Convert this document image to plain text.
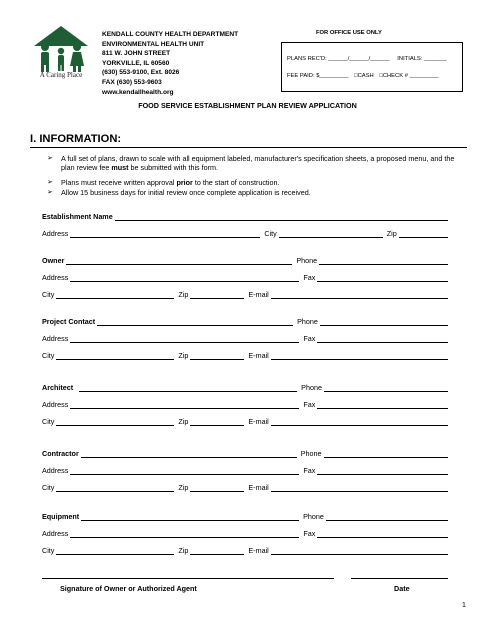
A Caring Place
KENDALL COUNTY HEALTH DEPARTMENT
ENVIRONMENTAL HEALTH UNIT
811 W. JOHN STREET
YORKVILLE, IL 60560
(630) 553-9100, Ext. 8026
FAX (630) 553-9603
www.kendallhealth.org
FOR OFFICE USE ONLY
PLANS REC'D: ______/______/______ INITIALS: _______
FEE PAID: $_________ □CASH □CHECK # _________
FOOD SERVICE ESTABLISHMENT PLAN REVIEW APPLICATION
I. INFORMATION:
➢ A full set of plans, drawn to scale with all equipment labeled, manufacturer's specification sheets, a proposed menu, and the plan review fee must be submitted with this form.
➢ Plans must receive written approval prior to the start of construction.
➢ Allow 15 business days for initial review once complete application is received.
Establishment Name
Address	City	Zip
Owner	Phone
Address	Fax
City	Zip	E-mail
Project Contact	Phone
Address	Fax
City	Zip	E-mail
Architect	Phone
Address	Fax
City	Zip	E-mail
Contractor	Phone
Address	Fax
City	Zip	E-mail
Equipment	Phone
Address	Fax
City	Zip	E-mail
Signature of Owner or Authorized Agent	Date
1
